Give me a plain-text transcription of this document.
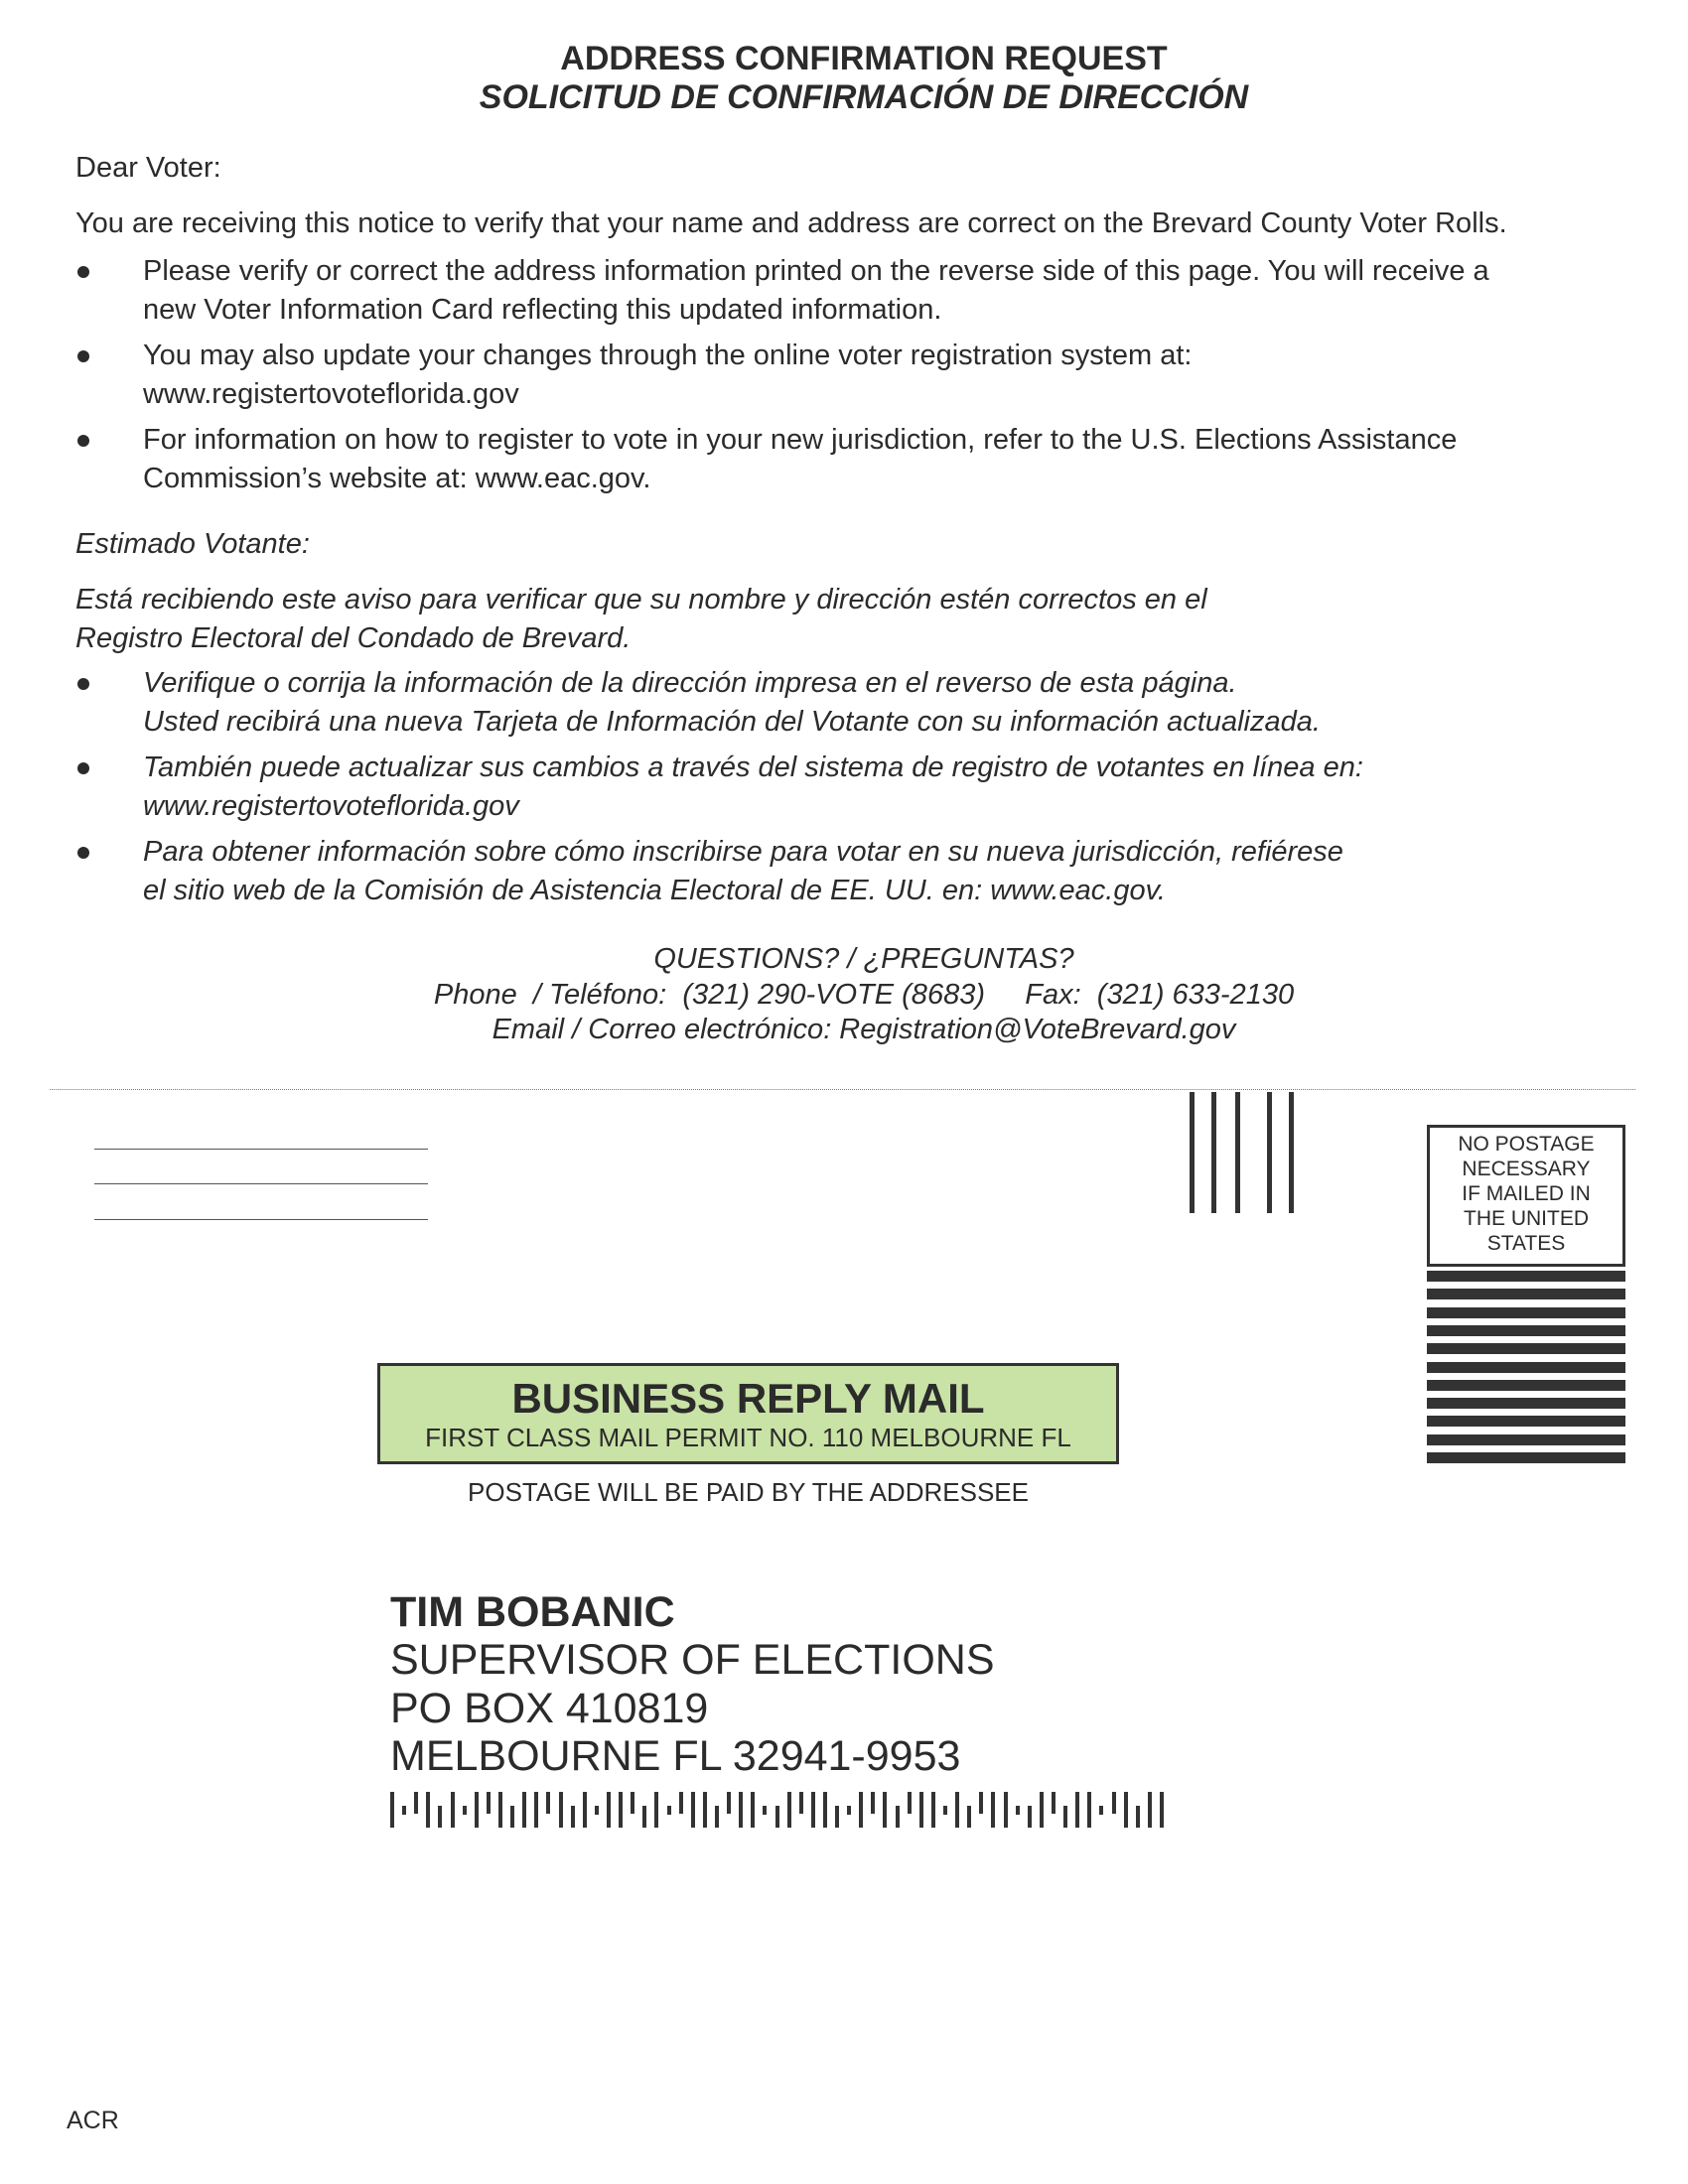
ADDRESS CONFIRMATION REQUEST
SOLICITUD DE CONFIRMACIÓN DE DIRECCIÓN
Dear Voter:
You are receiving this notice to verify that your name and address are correct on the Brevard County Voter Rolls.
Please verify or correct the address information printed on the reverse side of this page. You will receive a
new Voter Information Card reflecting this updated information.
You may also update your changes through the online voter registration system at:
www.registertovoteflorida.gov
For information on how to register to vote in your new jurisdiction, refer to the U.S. Elections Assistance
Commission’s website at: www.eac.gov.
Estimado Votante:
Está recibiendo este aviso para verificar que su nombre y dirección estén correctos en el
Registro Electoral del Condado de Brevard.
Verifique o corrija la información de la dirección impresa en el reverso de esta página.
Usted recibirá una nueva Tarjeta de Información del Votante con su información actualizada.
También puede actualizar sus cambios a través del sistema de registro de votantes en línea en:
www.registertovoteflorida.gov
Para obtener información sobre cómo inscribirse para votar en su nueva jurisdicción, refiérese
el sitio web de la Comisión de Asistencia Electoral de EE. UU. en: www.eac.gov.
QUESTIONS? / ¿PREGUNTAS?
Phone  / Teléfono:  (321) 290-VOTE (8683)     Fax:  (321) 633-2130
Email / Correo electrónico: Registration@VoteBrevard.gov
NO POSTAGE
NECESSARY
IF MAILED IN
THE UNITED
STATES
BUSINESS REPLY MAIL
FIRST CLASS MAIL PERMIT NO. 110 MELBOURNE FL
POSTAGE WILL BE PAID BY THE ADDRESSEE
TIM BOBANIC
SUPERVISOR OF ELECTIONS
PO BOX 410819
MELBOURNE FL 32941-9953
ACR
